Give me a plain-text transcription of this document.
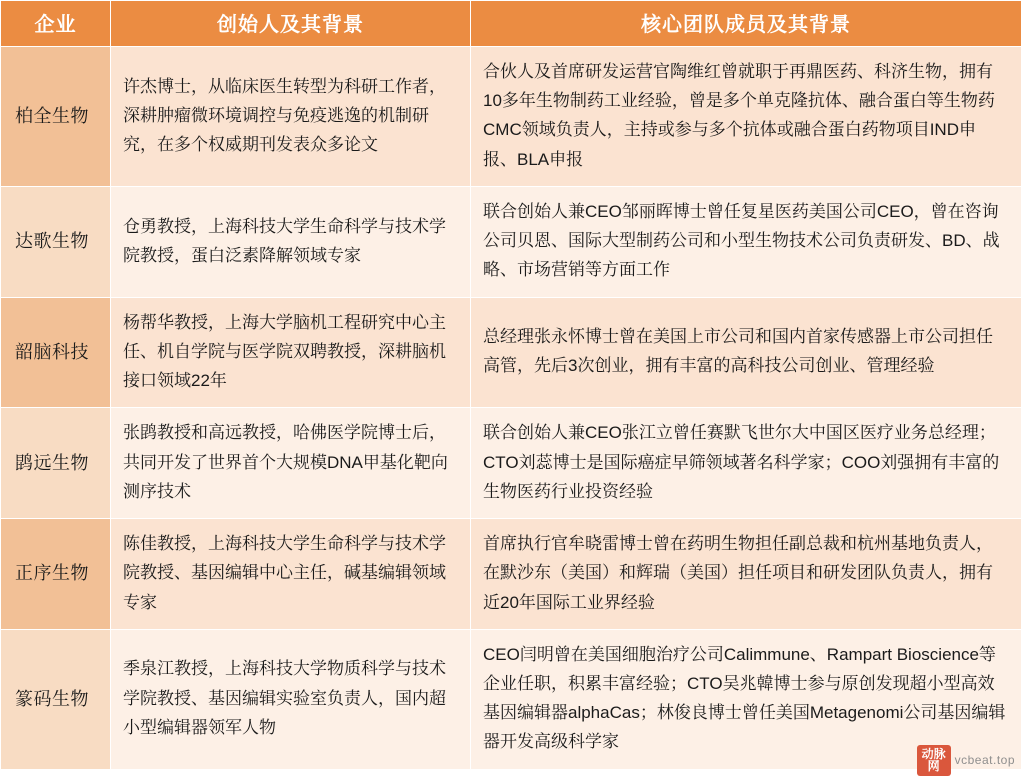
企业	创始人及其背景	核心团队成员及其背景
柏全生物	许杰博士，从临床医生转型为科研工作者，深耕肿瘤微环境调控与免疫逃逸的机制研究，在多个权威期刊发表众多论文	合伙人及首席研发运营官陶维红曾就职于再鼎医药、科济生物，拥有10多年生物制药工业经验，曾是多个单克隆抗体、融合蛋白等生物药CMC领域负责人，主持或参与多个抗体或融合蛋白药物项目IND申报、BLA申报
达歌生物	仓勇教授，上海科技大学生命科学与技术学院教授，蛋白泛素降解领域专家	联合创始人兼CEO邹丽晖博士曾任复星医药美国公司CEO，曾在咨询公司贝恩、国际大型制药公司和小型生物技术公司负责研发、BD、战略、市场营销等方面工作
韶脑科技	杨帮华教授，上海大学脑机工程研究中心主任、机自学院与医学院双聘教授，深耕脑机接口领域22年	总经理张永怀博士曾在美国上市公司和国内首家传感器上市公司担任高管，先后3次创业，拥有丰富的高科技公司创业、管理经验
鹍远生物	张鹍教授和高远教授，哈佛医学院博士后，共同开发了世界首个大规模DNA甲基化靶向测序技术	联合创始人兼CEO张江立曾任赛默飞世尔大中国区医疗业务总经理；CTO刘蕊博士是国际癌症早筛领域著名科学家；COO刘强拥有丰富的生物医药行业投资经验
正序生物	陈佳教授，上海科技大学生命科学与技术学院教授、基因编辑中心主任，碱基编辑领域专家	首席执行官牟晓雷博士曾在药明生物担任副总裁和杭州基地负责人，在默沙东（美国）和辉瑞（美国）担任项目和研发团队负责人，拥有近20年国际工业界经验
篆码生物	季泉江教授，上海科技大学物质科学与技术学院教授、基因编辑实验室负责人，国内超小型编辑器领军人物	CEO闫明曾在美国细胞治疗公司Calimmune、Rampart Bioscience等企业任职，积累丰富经验；CTO吴兆韓博士参与原创发现超小型高效基因编辑器alphaCas；林俊良博士曾任美国Metagenomi公司基因编辑器开发高级科学家
动脉网	vcbeat.top
